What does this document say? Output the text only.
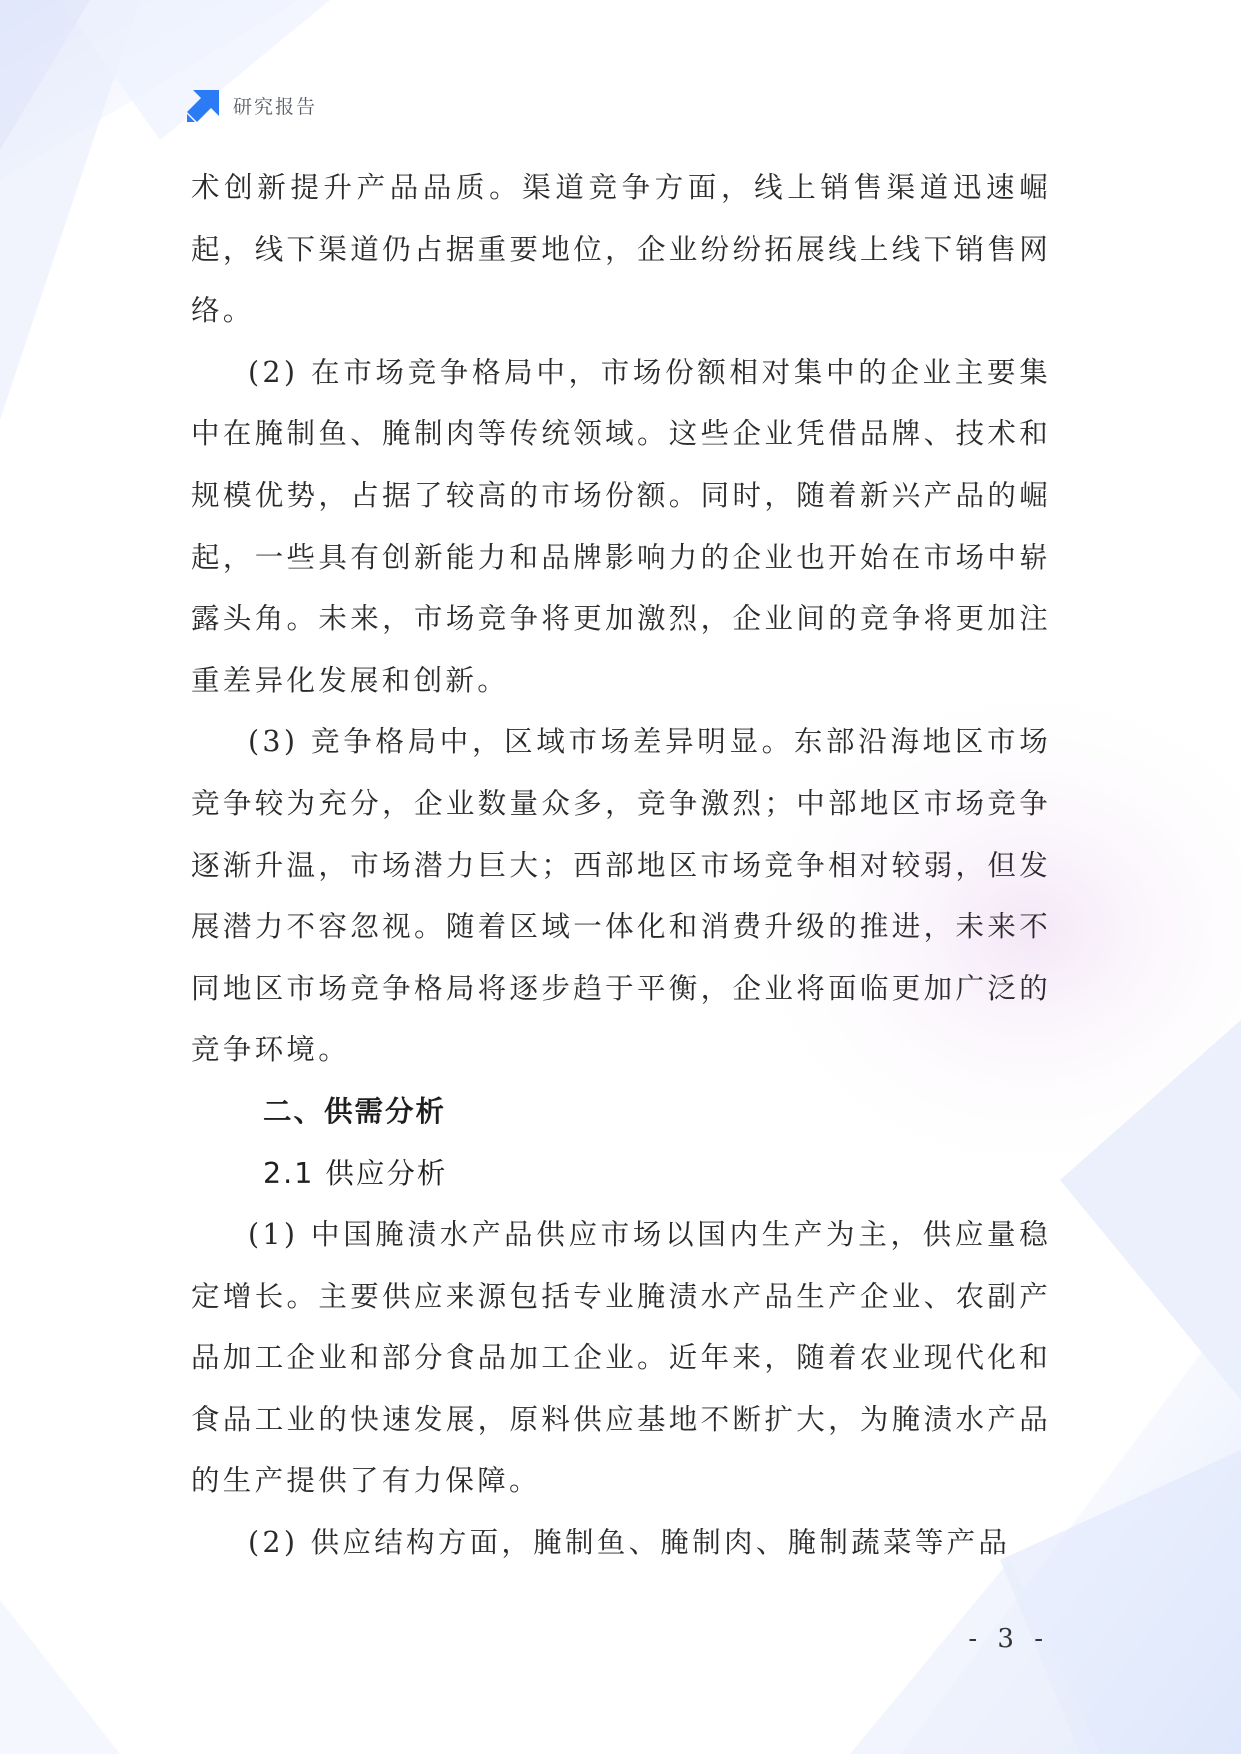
研究报告

术创新提升产品品质。渠道竞争方面，线上销售渠道迅速崛起，线下渠道仍占据重要地位，企业纷纷拓展线上线下销售网络。

(2) 在市场竞争格局中，市场份额相对集中的企业主要集中在腌制鱼、腌制肉等传统领域。这些企业凭借品牌、技术和规模优势，占据了较高的市场份额。同时，随着新兴产品的崛起，一些具有创新能力和品牌影响力的企业也开始在市场中崭露头角。未来，市场竞争将更加激烈，企业间的竞争将更加注重差异化发展和创新。

(3) 竞争格局中，区域市场差异明显。东部沿海地区市场竞争较为充分，企业数量众多，竞争激烈；中部地区市场竞争逐渐升温，市场潜力巨大；西部地区市场竞争相对较弱，但发展潜力不容忽视。随着区域一体化和消费升级的推进，未来不同地区市场竞争格局将逐步趋于平衡，企业将面临更加广泛的竞争环境。

二、供需分析

2.1 供应分析

(1) 中国腌渍水产品供应市场以国内生产为主，供应量稳定增长。主要供应来源包括专业腌渍水产品生产企业、农副产品加工企业和部分食品加工企业。近年来，随着农业现代化和食品工业的快速发展，原料供应基地不断扩大，为腌渍水产品的生产提供了有力保障。

(2) 供应结构方面，腌制鱼、腌制肉、腌制蔬菜等产品

- 3 -
